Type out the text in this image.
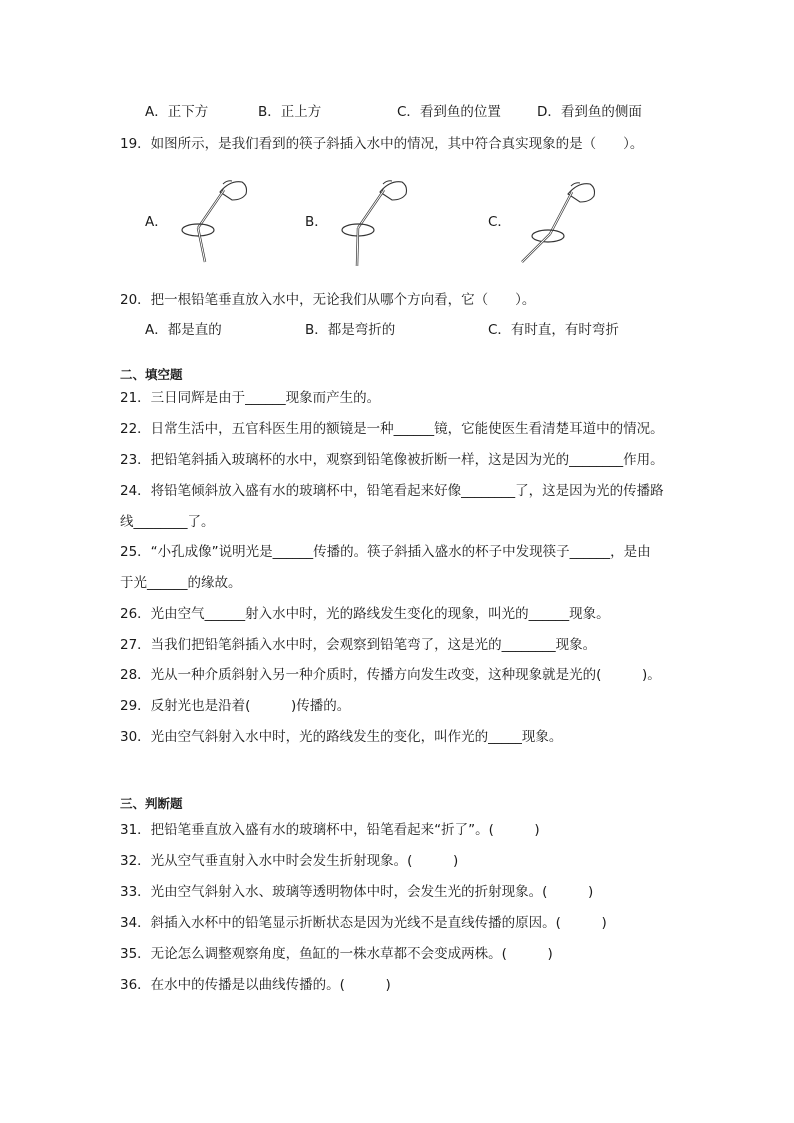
A．正下方	B．正上方	C．看到鱼的位置	D．看到鱼的侧面
19．如图所示，是我们看到的筷子斜插入水中的情况，其中符合真实现象的是（　　）。
A．	B．	C．
20．把一根铅笔垂直放入水中，无论我们从哪个方向看，它（　　）。
A．都是直的	B．都是弯折的	C．有时直，有时弯折
二、填空题
21．三日同辉是由于______现象而产生的。
22．日常生活中，五官科医生用的额镜是一种______镜，它能使医生看清楚耳道中的情况。
23．把铅笔斜插入玻璃杯的水中，观察到铅笔像被折断一样，这是因为光的________作用。
24．将铅笔倾斜放入盛有水的玻璃杯中，铅笔看起来好像________了，这是因为光的传播路
线________了。
25．“小孔成像”说明光是______传播的。筷子斜插入盛水的杯子中发现筷子______，是由
于光______的缘故。
26．光由空气______射入水中时，光的路线发生变化的现象，叫光的______现象。
27．当我们把铅笔斜插入水中时，会观察到铅笔弯了，这是光的________现象。
28．光从一种介质斜射入另一种介质时，传播方向发生改变，这种现象就是光的(　　　)。
29．反射光也是沿着(　　　)传播的。
30．光由空气斜射入水中时，光的路线发生的变化，叫作光的_____现象。
三、判断题
31．把铅笔垂直放入盛有水的玻璃杯中，铅笔看起来“折了”。(　　　)
32．光从空气垂直射入水中时会发生折射现象。(　　　)
33．光由空气斜射入水、玻璃等透明物体中时，会发生光的折射现象。(　　　)
34．斜插入水杯中的铅笔显示折断状态是因为光线不是直线传播的原因。(　　　)
35．无论怎么调整观察角度，鱼缸的一株水草都不会变成两株。(　　　)
36．在水中的传播是以曲线传播的。(　　　)
